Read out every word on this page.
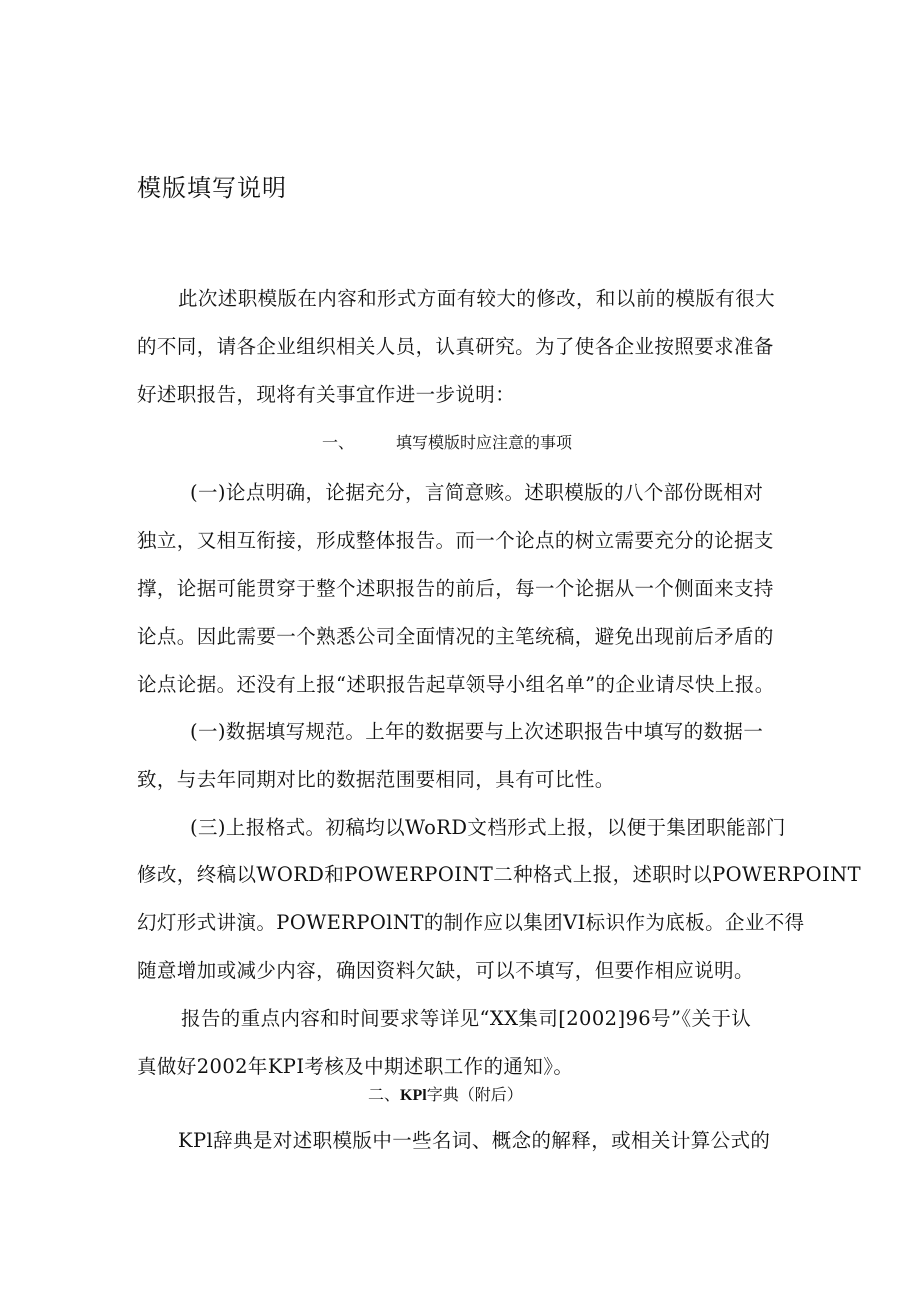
模版填写说明

此次述职模版在内容和形式方面有较大的修改，和以前的模版有很大

的不同，请各企业组织相关人员，认真研究。为了使各企业按照要求准备

好述职报告，现将有关事宜作进一步说明：

一、	填写模版时应注意的事项

(一)论点明确，论据充分，言简意赅。述职模版的八个部份既相对

独立，又相互衔接，形成整体报告。而一个论点的树立需要充分的论据支

撑，论据可能贯穿于整个述职报告的前后，每一个论据从一个侧面来支持

论点。因此需要一个熟悉公司全面情况的主笔统稿，避免出现前后矛盾的

论点论据。还没有上报“述职报告起草领导小组名单”的企业请尽快上报。

(一)数据填写规范。上年的数据要与上次述职报告中填写的数据一

致，与去年同期对比的数据范围要相同，具有可比性。

(三)上报格式。初稿均以WoRD文档形式上报，以便于集团职能部门

修改，终稿以WORD和POWERPOINT二种格式上报，述职时以POWERPOINT

幻灯形式讲演。POWERPOlNT的制作应以集团VI标识作为底板。企业不得

随意增加或减少内容，确因资料欠缺，可以不填写，但要作相应说明。

报告的重点内容和时间要求等详见“XX集司[2002]96号”《关于认

真做好2002年KPI考核及中期述职工作的通知》。

二、KPl字典（附后）

KPl辞典是对述职模版中一些名词、概念的解释，或相关计算公式的
